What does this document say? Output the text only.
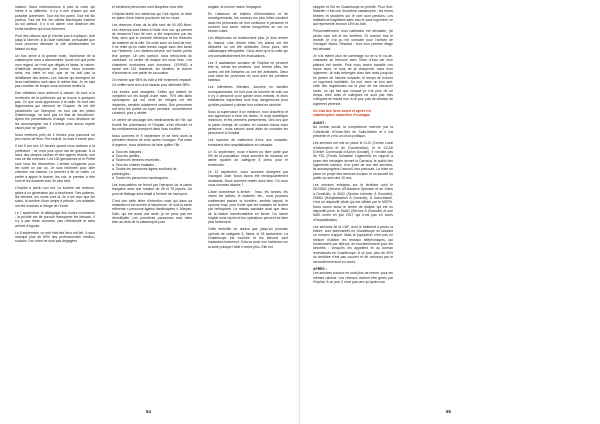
maison. Nous redescendons à pied la route qui mène à la raffinerie. Il n’y a rien d’autre qui soit possible autrement. Tout est fini pareil. Tout est fini partout. Tout est fini, les câbles électriques trainent au sol partout. Il y a un calme, une absence des bruits familiers qui nous étonnent.

Pour des raisons que je n’arrive pas à expliquer, j’irai jusqu’à l’arrivée, à la route nationale, persuadée que nous pourrons atteindre la cité administrative en faisant du stop.

Un bus arrive à la grande route, l’ambiance de la catastrophe nous a assommées. Aussi loin que porte mon regard, ce n’est que dégâts et fatras, la nature, d’habitude verdoyante, est morne. Nous sommes ravis, ma mère et moi, que ce ne soit pas la défaillance des autres. Les voisins qui émergent de leurs habitations sont dans le même état. Je ne sais pas combien de temps nous sommes restés là.

Des militaires nous aideront à passer. Ils sont à la recherche de la préfecture qui se trouve à quelques pas. Ce que nous apprenons à la radio. Ils sont des légionnaires qui viennent de Guyane. Ils ont été parachutés sur l’aéroport, en tout cas les pistes d’atterrissage, ne sont pas en état de fonctionner. Après les présentations d’usage, nous décidons de les accompagner car il n’existe plus aucun repère visuel pour se guider.

Nous mettrons près de 4 heures pour parcourir un peu moins de 5km. Par endroit, la route n’existe plus.

Il est 6 pm lors 19 heures quand nous arrivons à la préfecture ; ce n’est plus qu’un tas de gravats. À la lueur des lampes torches et des agents ébahis, une voix se fait entendre. Les 130 gendarmes et le Préfet sont sous les décombres. L’armée s’organise pour les sortir un par un. Je suis informée pour aller chercher ma maman. Le premier à 5h ce matin. Le préfet a appris le drame, les cris, le premier à être sorti et les suivants sont 3h plus tard.

L’hôpital a perdu son toit. La lumière est revenue, grâce à un générateur qui a fonctionné. Des patients, les blessés, les morts sont là, ils n’ont reçu que les soins, la lumière d’une lampe à pétrole. Les malades ont été évacués à l’étage de l’école.

Le 7 septembre, le déblayage des routes commence ; la priorité est de pouvoir transporter les blessés. Il n’y a pas d’eau courante, pas d’électricité et sans arrivée d’égouts.

Le 8 septembre, un bref état des lieux est fait. Il nous manque plus de 60% des professionnels médico-sociaux. Les voies ne sont pas dégagées

et certaines personnes sont bloquées chez elle.

L’hôpital abrite les médecins qui l’ont rejoint, la mise en place d’une bâche provisoire est en cours.

Les réserves d’eau de la ville sont de 40 000 litres. Les réserves sont faites à l’aide d’un car, qui permet de desservir l’eau de mer, a été empruntée par les flots, ainsi que le centrale électrique et les réserves de matériel de la ville. De cette zone un bord de mer, il ne reste qu’un vaste terrain vague avec des fonds sur l’intérieur. Les stations-service ont toutes perdu leur pompe. Un peu partout, nous retrouvons du carburant. Le centre de dialyse est sous l’eau. Les chambres mortuaires sont inondées. L’EHPAD a sauvé ses 161 résidents, les familles, la cloture d’enceinte et une partie de sa cuisine.

On estime que 95% du bâti a été fortement impacté. Ce chiffre sera revu à la hausse pour atteindre 98%.

Les écoles sont ravagées. Celles qui restent se comptent sur les doigts d’une main. 70% des abris cycloniques qui ont servi de refuges ont été impactés, certains totalement rasés. Des personnes ont tenu les portes du foyer pendant, nouvellement construit, pour y abriter.

Le centre de stockage des médicaments de l’île, qui fournit les pharmacies et l’hôpital, s’est effondré et les médicaments trempent dans l’eau souillée.

Nous sommes le 9 septembre et se tient alors la première réunion de crise après l’ouragan. Par ordre d’urgence, nous décidons de faire quitter l’île :

● Tous les dialysés ;
● Tous les greffés ;
● Toutes les femmes enceintes ;
● Tous les enfants malades ;
● Toutes les personnes âgées souffrant de pathologies ;
● Toutes les personnes handicapées.

Les évacuations se feront par l’aéroport de la partie française avec une rotation de 48 et 78 places. Un pont de Ballage sera établi à l’entrée de l’aéroport.

C’est une belle lettre d’intention mais qui dans sa réalisation s’est avérée si laborieuse. Je suis la seule référente « personne âgées/ handicapées ». Maryse, Dale, qui est aussi une amie, je ne peux pas me démultiplier. Les premières personnes sont nées bien au-delà de la catastrophe pour

anglais, et encore moins l’espagnol.

En l’absence de bulletin d’informations et de renseignements, les rumeurs les plus folles circulent dans les personnes ne font confiance à personne et souvent tout seule, même lorsqu’elles en ont un besoin criant.

Les téléphones ne fonctionnent plus, je dois rentrer la, marina. Une d’entre elles, les autres ont été blessées ou ont été antisistés. Deux jours, des caillassages effroyables. Ceux ainsi qu’à la suite qui ont considérablement les évacuations.

Les 3 assistantes sociales de l’hôpital ne peuvent être là, même les secteurs. Une d’entre elles, les autres ont été blessées ou ont été antisistés. Deux sont dans les provinces du nord avec les premiers bateaux.

Les infirmières libérales, souvent en familles monoparentales, ne font plus de tournée de soin car il n’y a personne pour garder leurs enfants, et leurs habitations inspectées sont trop dangereuses pour qu’elles puissent y laisser leur enfant en sécurité.

Sous la supervision d’un médecin, mon chauffeur et moi apprenons à faire les dextro, le suivi diabétique minimum, et les premiers pansements. Des lors que la place change de couleur en courses bancs nous pensions ; nous savons aussi aider de conduire les personnes à l’hôpital.

Les ruptures de traitement d’eux aux malades, entraînent des hospitalisations en cascade.

Le 11 septembre, nous n’avons pu faire partir que 5% de la population. Nous sommes de nouveau en alerte cyclone de catégorie 5 prévu pour le lendemain.

Le 12 septembre, nous sommes épargnés par l’ouragan José. Nous avons été remarquablement résistants. Nous sommes restés alors bien. Où vous nous sommes laissés ?

L’aide commence à arriver : l’eau, les tonnes, les vivres les laches, le matériel, etc., nous pouvons maintenant passer, la frontière, semble depuis, le cyclone Irma, pour éviter que les malades se croient par hélicoptère. Le réseau sanitaire ainsi que ceux de la liaison transfrontalière en forme. Un navire hôpital nous rejoint et les opérations peuvent se faire plus facilement.

Cette embellie ne durera que jusqu’au prochain cyclone de catégorie 5, Maria, le 18 septembre. La Guadeloupe est touchée et les liaisons sont impactées fortement. Cela va avoir une incidence sur la suite puisque l’aide n’arrive plus. Elle est

64

stoppée et l’île en Guadeloupe en priorité. Pour Sint-Maarten, c’est une deuxième catastrophe ; les terres brisées et stockées sur le port sont perdues. Les habitations fragilisées sans eau et sans logement, ce qui représente environ 15% du bâti.

Personnellement, mon habitation est dévastée, j’ai perdu mon toit et les fenêtres. Et comme tout le monde, je n’ai pu me consoler pour l’arrivée de l’ouragan Maria. Résultat : tout mon premier étage est dévasté.

Je n’ai même plus de carnetage ou ne si le roi-de-chaussée se retrouve avec 90cm d’eau car mon plafond est tombé. Puis nous avons travaillé nos repos alors, le bois de la charpente, sans mon logement. Je suis hébergée chez des amis jusqu’au fin janvier de l’année suivante, le temps de trouver un logement habitable. Au moi, avec un bon ami, celle des inquiétudes sur la peur de me retrouver seule, ce qui fait que lorsque je n’ai plus de ce temps, mes amis et collègues ne sont pas mes collègues de travail non, à ce jour, pas de solution de logement pérenne.

Un état des lieux avant et après les catastrophes naturelles d’ouragan

AVANT :

Au niveau social, la compétence exercée par la Collectivité d’Outre-Mer de Saint-Martin et il est présente et c’est un choix politique.

Les services ont mis en place le CLIC (Centre Local d’Information et de Coordination), et le CCAS (Centre Communal d’Action Sociale), il n’existe pas de FSL (Fonds Solidarité Logement) en rapport à poser des ménages devant la Carnava, le public des logements sociaux, d’un point de vue des services, ils accompagnent l’accueil, leur parcours. La mise en place un projet des services sociaux et un accueil du public au sein des 10 ans.

Les services existants sur le territoire sont le SESSAD (Service d’Éducation Spéciale et de Soins à Domicile), le SIAD (Service Infirmier À Domicile), l’IMAD (Hospitalisation À Domicile), À Saint-Martin, c’est un dispositif piloté qui est officiel par le MDPH. Nous avons aussi le centre de dialyse qui est un dispositif privé, le SAAD (Service À Domicile) et une MAS créée en juin 2017 qui n’est pas en cours d’hospitalisation.

Les services de la CAF, dont le bâtiment à perdu la toiture, sont administrés en Guadeloupe en laissant un numéro d’appel. Mais la population n’est pas en mesure d’utiliser les réseaux téléphoniques, qui fonctionnent par ailleurs, en fonctionnement pour les sinistrés ; lorsqu’ils les appellent et au bureau restructurés en Guadeloupe. À ce jour, plus de 40% du territoire n’est pas couvert et de nouveau par le raccordement sont en cours.

APRÈS :

Les services sociaux ne sont plus de même, pour les mêmes raisons. Les réseaux doivent être gérés par l’hôpital. À ce jour, il n’est pas rare qu’après une

65
